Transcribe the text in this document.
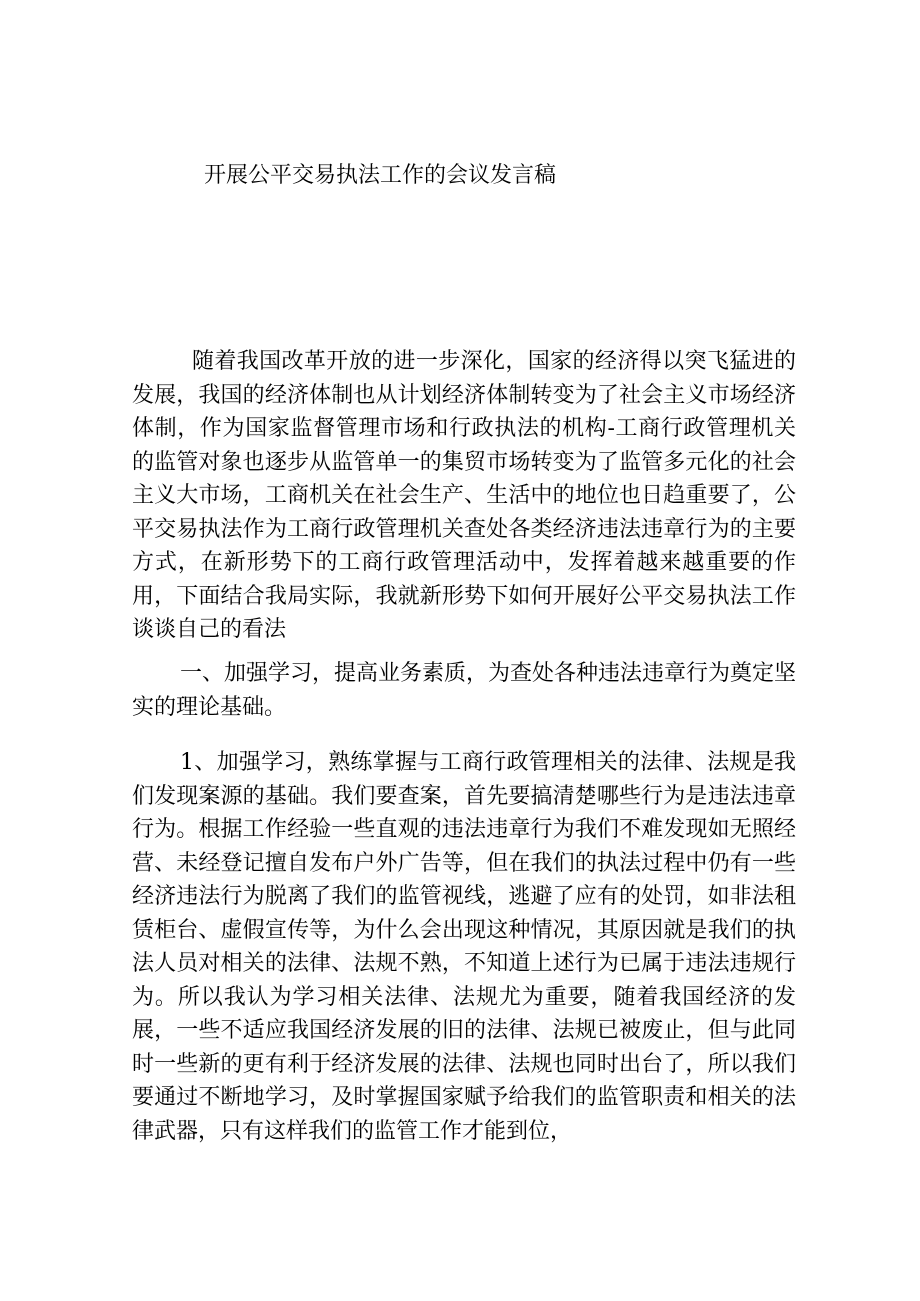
开展公平交易执法工作的会议发言稿

随着我国改革开放的进一步深化，国家的经济得以突飞猛进的发展，我国的经济体制也从计划经济体制转变为了社会主义市场经济体制，作为国家监督管理市场和行政执法的机构-工商行政管理机关的监管对象也逐步从监管单一的集贸市场转变为了监管多元化的社会主义大市场，工商机关在社会生产、生活中的地位也日趋重要了，公平交易执法作为工商行政管理机关查处各类经济违法违章行为的主要方式，在新形势下的工商行政管理活动中，发挥着越来越重要的作用，下面结合我局实际，我就新形势下如何开展好公平交易执法工作谈谈自己的看法

一、加强学习，提高业务素质，为查处各种违法违章行为奠定坚实的理论基础。

1、加强学习，熟练掌握与工商行政管理相关的法律、法规是我们发现案源的基础。我们要查案，首先要搞清楚哪些行为是违法违章行为。根据工作经验一些直观的违法违章行为我们不难发现如无照经营、未经登记擅自发布户外广告等，但在我们的执法过程中仍有一些经济违法行为脱离了我们的监管视线，逃避了应有的处罚，如非法租赁柜台、虚假宣传等，为什么会出现这种情况，其原因就是我们的执法人员对相关的法律、法规不熟，不知道上述行为已属于违法违规行为。所以我认为学习相关法律、法规尤为重要，随着我国经济的发展，一些不适应我国经济发展的旧的法律、法规已被废止，但与此同时一些新的更有利于经济发展的法律、法规也同时出台了，所以我们要通过不断地学习，及时掌握国家赋予给我们的监管职责和相关的法律武器，只有这样我们的监管工作才能到位，
